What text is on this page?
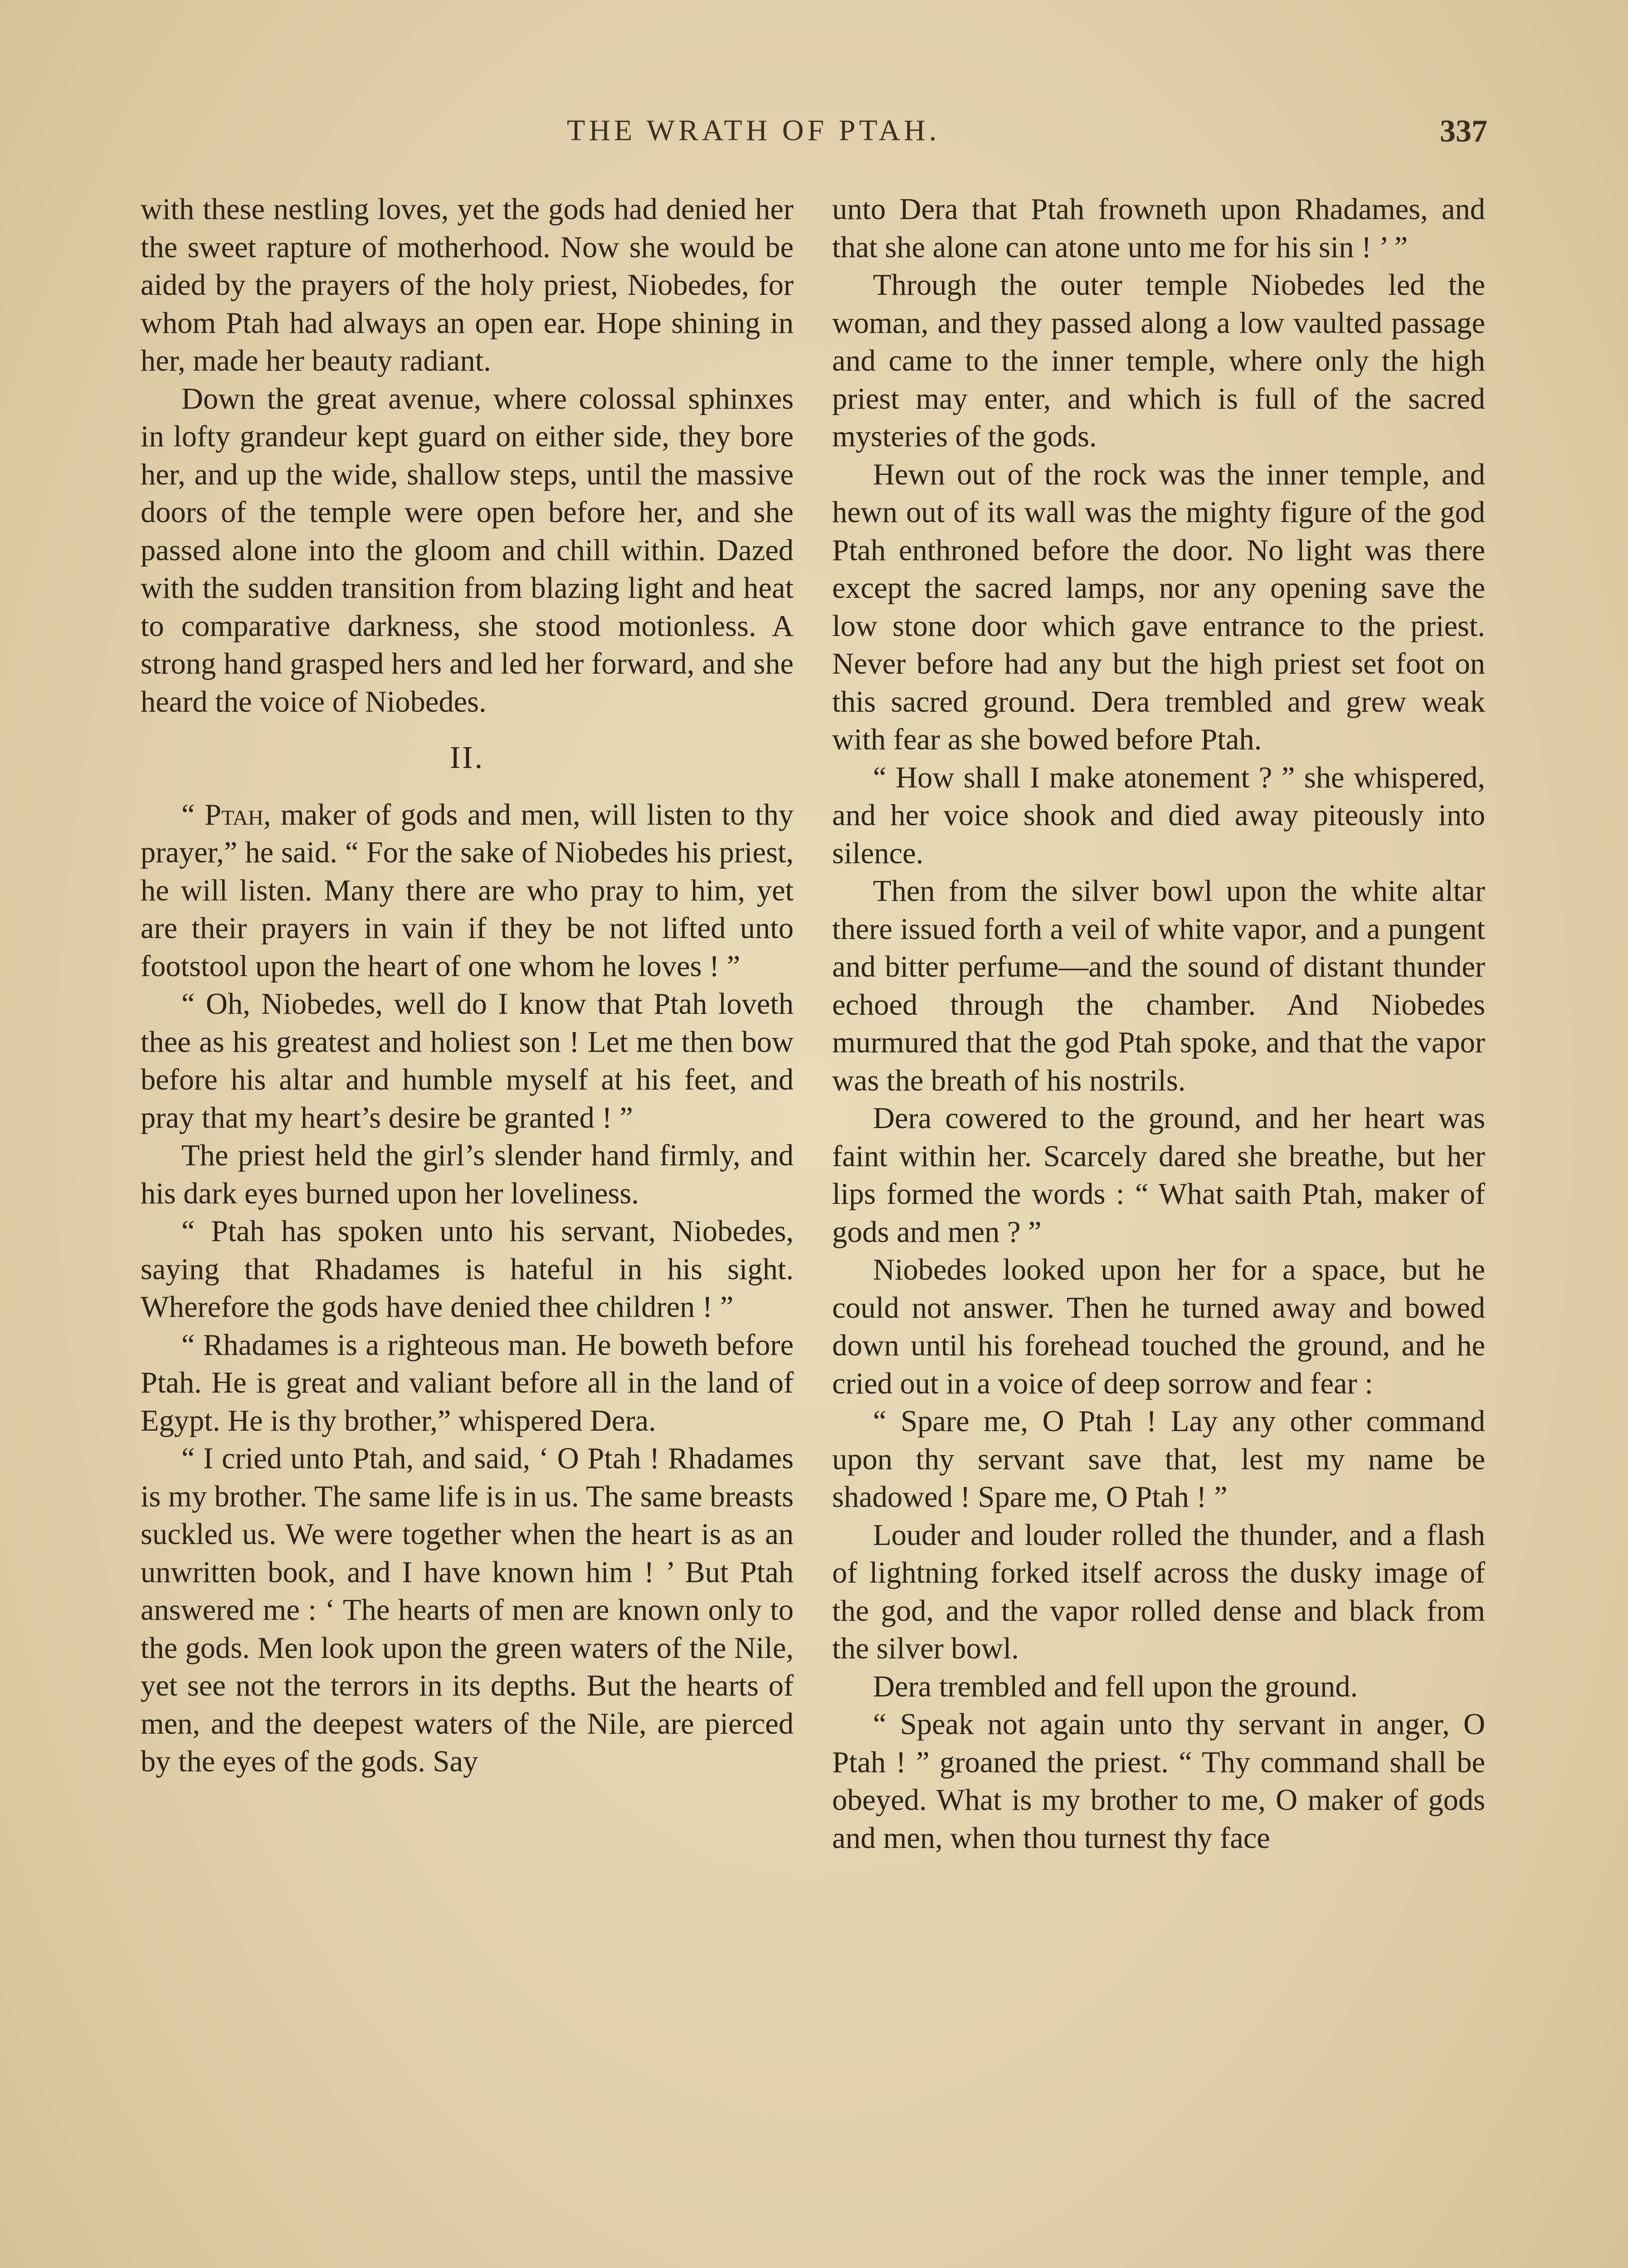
THE WRATH OF PTAH.	337

with these nestling loves, yet the gods had denied her the sweet rapture of motherhood. Now she would be aided by the prayers of the holy priest, Niobedes, for whom Ptah had always an open ear. Hope shining in her, made her beauty radiant.

Down the great avenue, where colossal sphinxes in lofty grandeur kept guard on either side, they bore her, and up the wide, shallow steps, until the massive doors of the temple were open before her, and she passed alone into the gloom and chill within. Dazed with the sudden transition from blazing light and heat to comparative darkness, she stood motionless. A strong hand grasped hers and led her forward, and she heard the voice of Niobedes.

II.

“ Ptah, maker of gods and men, will listen to thy prayer,” he said. “ For the sake of Niobedes his priest, he will listen. Many there are who pray to him, yet are their prayers in vain if they be not lifted unto footstool upon the heart of one whom he loves ! ”

“ Oh, Niobedes, well do I know that Ptah loveth thee as his greatest and holiest son ! Let me then bow before his altar and humble myself at his feet, and pray that my heart’s desire be granted ! ”

The priest held the girl’s slender hand firmly, and his dark eyes burned upon her loveliness.

“ Ptah has spoken unto his servant, Niobedes, saying that Rhadames is hateful in his sight. Wherefore the gods have denied thee children ! ”

“ Rhadames is a righteous man. He boweth before Ptah. He is great and valiant before all in the land of Egypt. He is thy brother,” whispered Dera.

“ I cried unto Ptah, and said, ‘ O Ptah ! Rhadames is my brother. The same life is in us. The same breasts suckled us. We were together when the heart is as an unwritten book, and I have known him ! ’ But Ptah answered me : ‘ The hearts of men are known only to the gods. Men look upon the green waters of the Nile, yet see not the terrors in its depths. But the hearts of men, and the deepest waters of the Nile, are pierced by the eyes of the gods. Say

unto Dera that Ptah frowneth upon Rhadames, and that she alone can atone unto me for his sin ! ’ ”

Through the outer temple Niobedes led the woman, and they passed along a low vaulted passage and came to the inner temple, where only the high priest may enter, and which is full of the sacred mysteries of the gods.

Hewn out of the rock was the inner temple, and hewn out of its wall was the mighty figure of the god Ptah enthroned before the door. No light was there except the sacred lamps, nor any opening save the low stone door which gave entrance to the priest. Never before had any but the high priest set foot on this sacred ground. Dera trembled and grew weak with fear as she bowed before Ptah.

“ How shall I make atonement ? ” she whispered, and her voice shook and died away piteously into silence.

Then from the silver bowl upon the white altar there issued forth a veil of white vapor, and a pungent and bitter perfume—and the sound of distant thunder echoed through the chamber. And Niobedes murmured that the god Ptah spoke, and that the vapor was the breath of his nostrils.

Dera cowered to the ground, and her heart was faint within her. Scarcely dared she breathe, but her lips formed the words : “ What saith Ptah, maker of gods and men ? ”

Niobedes looked upon her for a space, but he could not answer. Then he turned away and bowed down until his forehead touched the ground, and he cried out in a voice of deep sorrow and fear :

“ Spare me, O Ptah ! Lay any other command upon thy servant save that, lest my name be shadowed ! Spare me, O Ptah ! ”

Louder and louder rolled the thunder, and a flash of lightning forked itself across the dusky image of the god, and the vapor rolled dense and black from the silver bowl.

Dera trembled and fell upon the ground.

“ Speak not again unto thy servant in anger, O Ptah ! ” groaned the priest. “ Thy command shall be obeyed. What is my brother to me, O maker of gods and men, when thou turnest thy face
